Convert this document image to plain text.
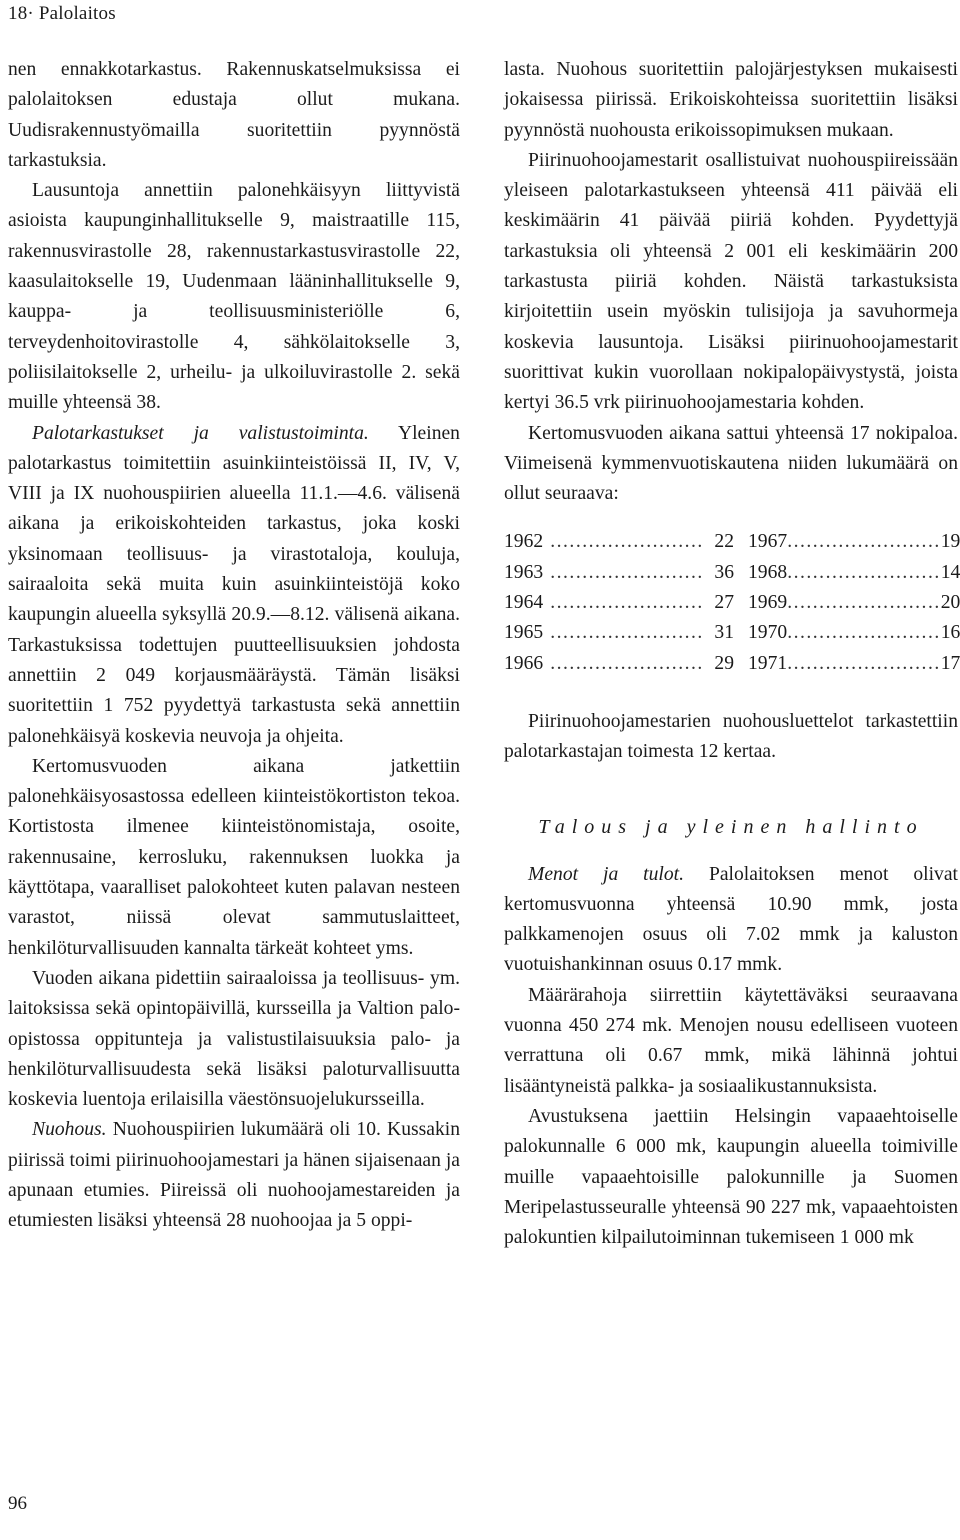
18· Palolaitos

nen ennakkotarkastus. Rakennuskatselmuksissa ei palolaitoksen edustaja ollut mukana. Uudisrakennustyömailla suoritettiin pyynnöstä tarkastuksia.

Lausuntoja annettiin palonehkäisyyn liittyvistä asioista kaupunginhallitukselle 9, maistraatille 115, rakennusvirastolle 28, rakennustarkastusvirastolle 22, kaasulaitokselle 19, Uudenmaan lääninhallitukselle 9, kauppa- ja teollisuusministeriölle 6, terveydenhoitovirastolle 4, sähkölaitokselle 3, poliisilaitokselle 2, urheilu- ja ulkoiluvirastolle 2. sekä muille yhteensä 38.

Palotarkastukset ja valistustoiminta. Yleinen palotarkastus toimitettiin asuinkiinteistöissä II, IV, V, VIII ja IX nuohouspiirien alueella 11.1.—4.6. välisenä aikana ja erikoiskohteiden tarkastus, joka koski yksinomaan teollisuus- ja virastotaloja, kouluja, sairaaloita sekä muita kuin asuinkiinteistöjä koko kaupungin alueella syksyllä 20.9.—8.12. välisenä aikana. Tarkastuksissa todettujen puutteellisuuksien johdosta annettiin 2 049 korjausmääräystä. Tämän lisäksi suoritettiin 1 752 pyydettyä tarkastusta sekä annettiin palonehkäisyä koskevia neuvoja ja ohjeita.

Kertomusvuoden aikana jatkettiin palonehkäisyosastossa edelleen kiinteistökortiston tekoa. Kortistosta ilmenee kiinteistönomistaja, osoite, rakennusaine, kerrosluku, rakennuksen luokka ja käyttötapa, vaaralliset palokohteet kuten palavan nesteen varastot, niissä olevat sammutuslaitteet, henkilöturvallisuuden kannalta tärkeät kohteet yms.

Vuoden aikana pidettiin sairaaloissa ja teollisuus- ym. laitoksissa sekä opintopäivillä, kursseilla ja Valtion palo-opistossa oppitunteja ja valistustilaisuuksia palo- ja henkilöturvallisuudesta sekä lisäksi paloturvallisuutta koskevia luentoja erilaisilla väestönsuojelukursseilla.

Nuohous. Nuohouspiirien lukumäärä oli 10. Kussakin piirissä toimi piirinuohoojamestari ja hänen sijaisenaan ja apunaan etumies. Piireissä oli nuohoojamestareiden ja etumiesten lisäksi yhteensä 28 nuohoojaa ja 5 oppi-

lasta. Nuohous suoritettiin palojärjestyksen mukaisesti jokaisessa piirissä. Erikoiskohteissa suoritettiin lisäksi pyynnöstä nuohousta erikoissopimuksen mukaan.

Piirinuohoojamestarit osallistuivat nuohouspiireissään yleiseen palotarkastukseen yhteensä 411 päivää eli keskimäärin 41 päivää piiriä kohden. Pyydettyjä tarkastuksia oli yhteensä 2 001 eli keskimäärin 200 tarkastusta piiriä kohden. Näistä tarkastuksista kirjoitettiin usein myöskin tulisijoja ja savuhormeja koskevia lausuntoja. Lisäksi piirinuohoojamestarit suorittivat kukin vuorollaan nokipalopäivystystä, joista kertyi 36.5 vrk piirinuohoojamestaria kohden.

Kertomusvuoden aikana sattui yhteensä 17 nokipaloa. Viimeisenä kymmenvuotiskautena niiden lukumäärä on ollut seuraava:

1962 ........................ 22 1967 ........................ 19
1963 ........................ 36 1968 ........................ 14
1964 ........................ 27 1969 ........................ 20
1965 ........................ 31 1970 ........................ 16
1966 ........................ 29 1971 ........................ 17

Piirinuohoojamestarien nuohousluettelot tarkastettiin palotarkastajan toimesta 12 kertaa.

Talous ja yleinen hallinto

Menot ja tulot. Palolaitoksen menot olivat kertomusvuonna yhteensä 10.90 mmk, josta palkkamenojen osuus oli 7.02 mmk ja kaluston vuotuishankinnan osuus 0.17 mmk.

Määrärahoja siirrettiin käytettäväksi seuraavana vuonna 450 274 mk. Menojen nousu edelliseen vuoteen verrattuna oli 0.67 mmk, mikä lähinnä johtui lisääntyneistä palkka- ja sosiaalikustannuksista.

Avustuksena jaettiin Helsingin vapaaehtoiselle palokunnalle 6 000 mk, kaupungin alueella toimiville muille vapaaehtoisille palokunnille ja Suomen Meripelastusseuralle yhteensä 90 227 mk, vapaaehtoisten palokuntien kilpailutoiminnan tukemiseen 1 000 mk

96
